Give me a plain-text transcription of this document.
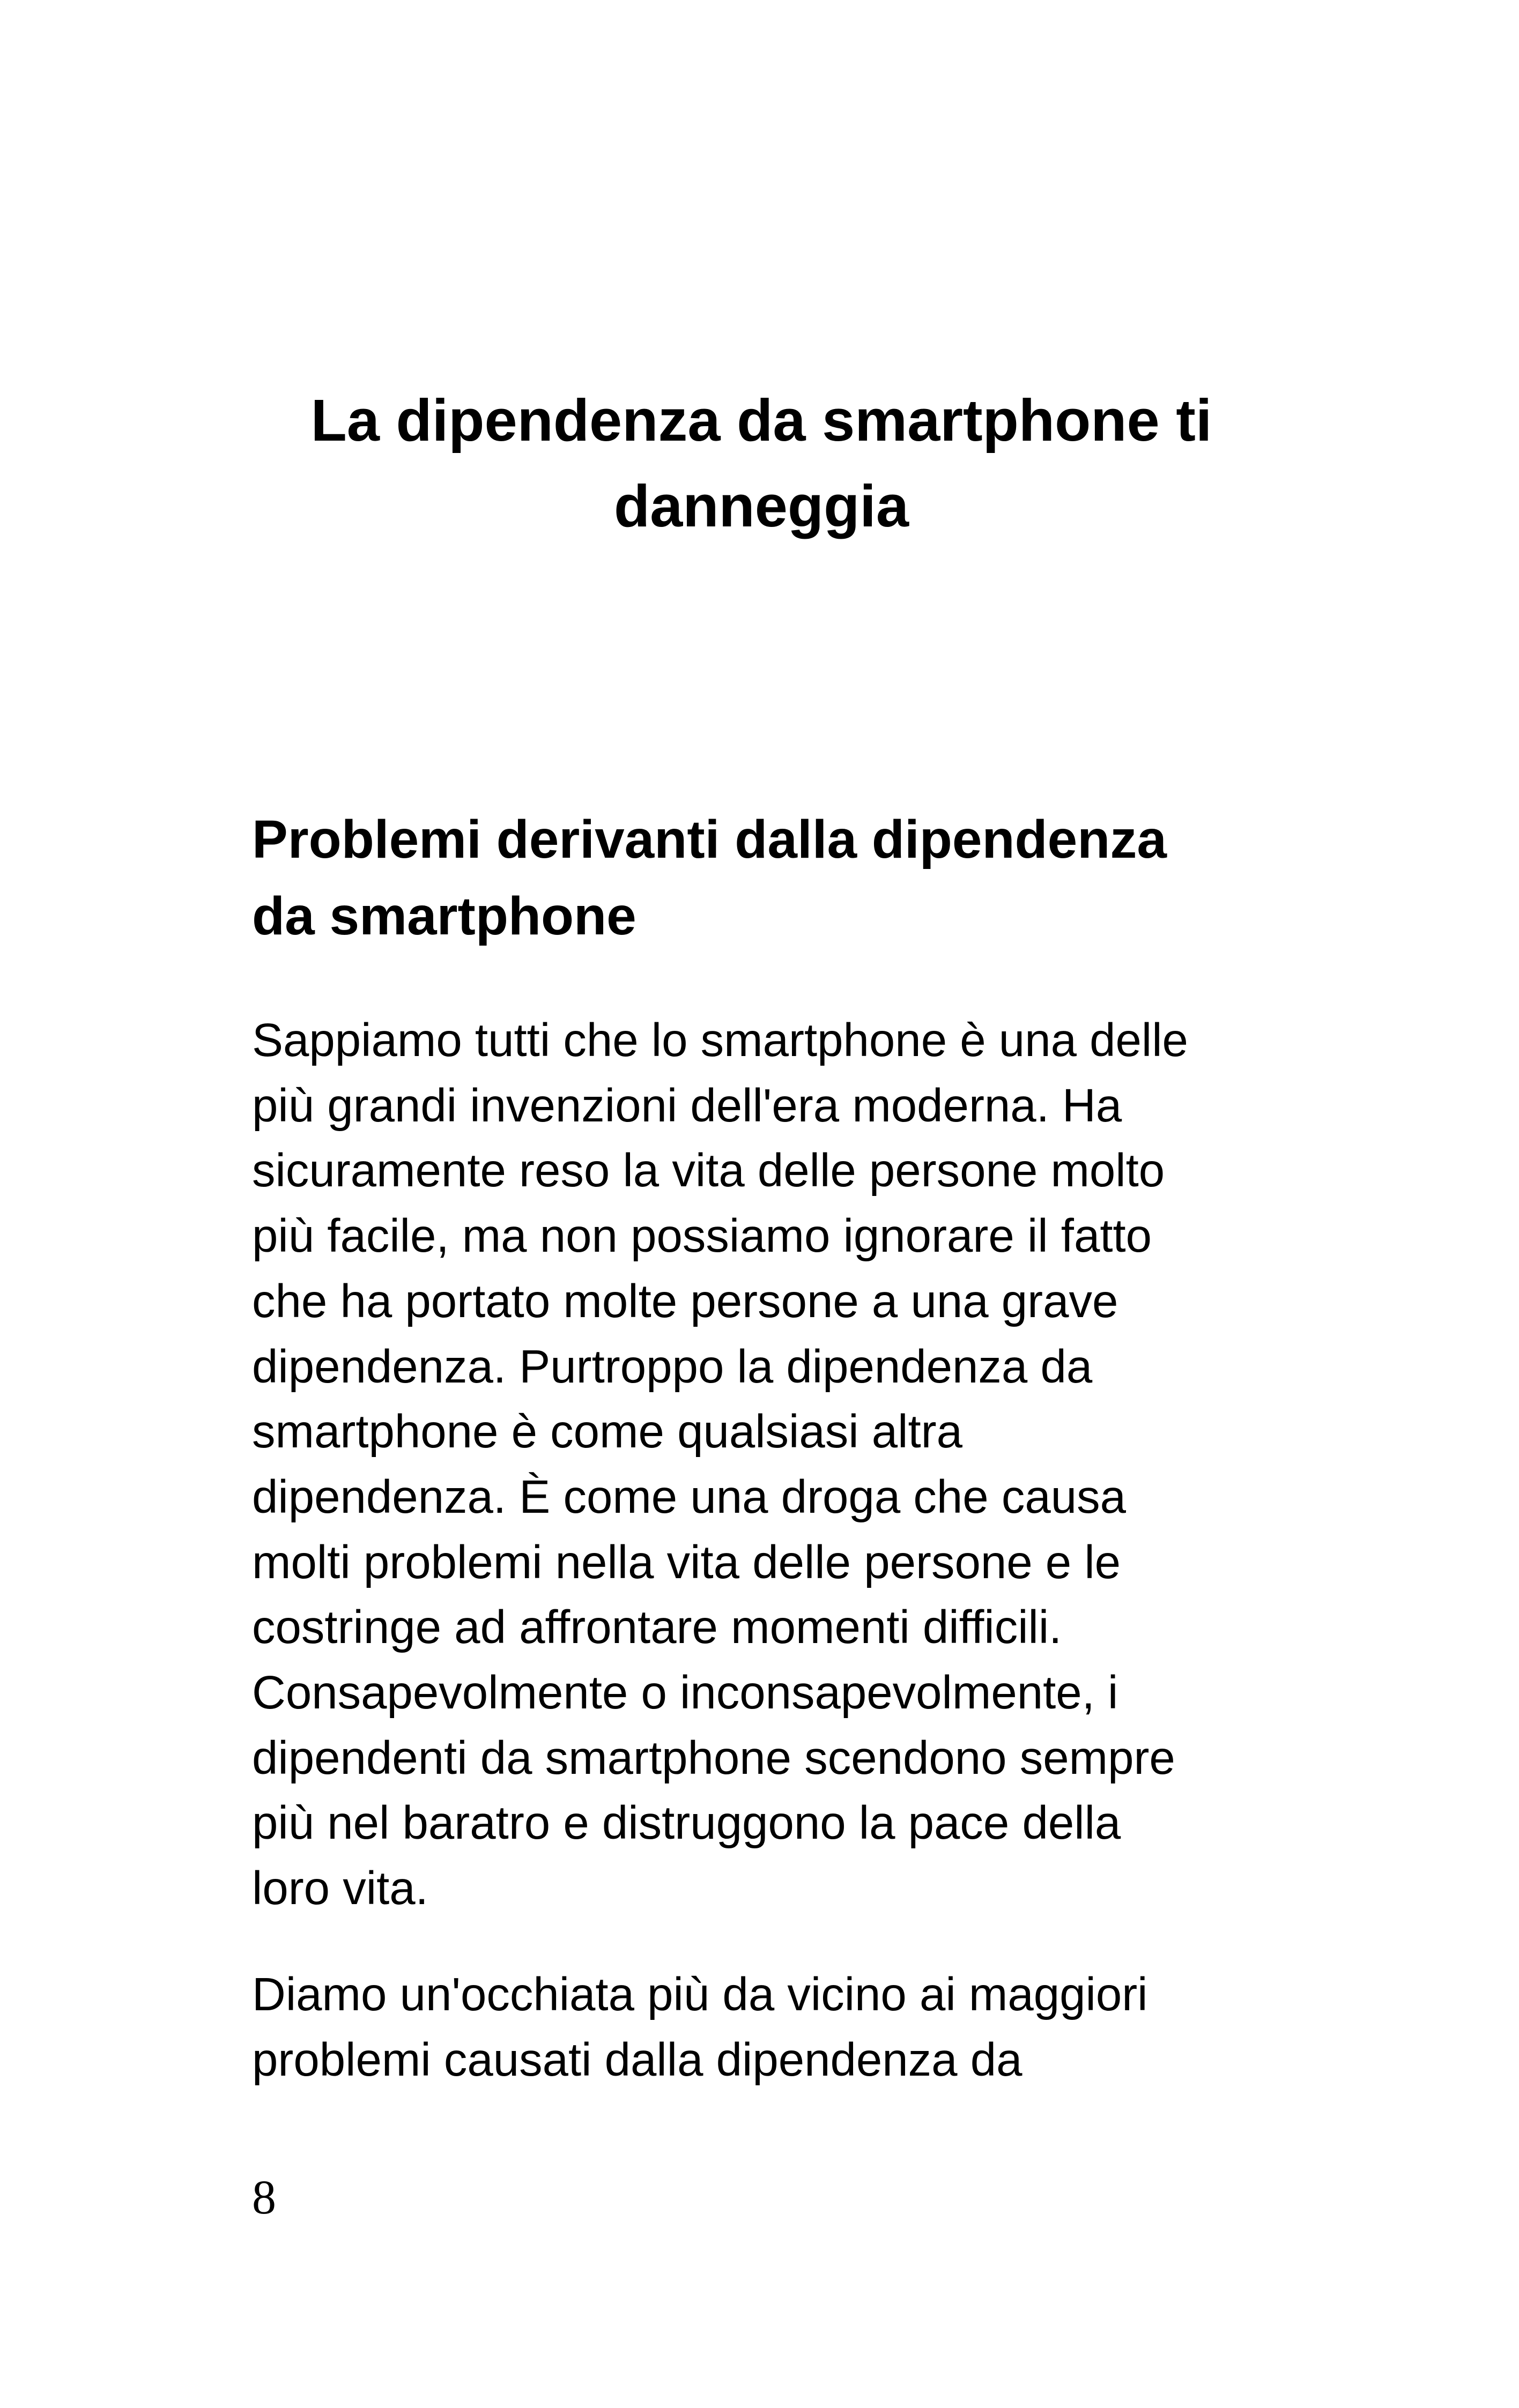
La dipendenza da smartphone ti
danneggia
Problemi derivanti dalla dipendenza
da smartphone

Sappiamo tutti che lo smartphone è una delle
più grandi invenzioni dell'era moderna. Ha
sicuramente reso la vita delle persone molto
più facile, ma non possiamo ignorare il fatto
che ha portato molte persone a una grave
dipendenza. Purtroppo la dipendenza da
smartphone è come qualsiasi altra
dipendenza. È come una droga che causa
molti problemi nella vita delle persone e le
costringe ad affrontare momenti difficili.
Consapevolmente o inconsapevolmente, i
dipendenti da smartphone scendono sempre
più nel baratro e distruggono la pace della
loro vita.

Diamo un'occhiata più da vicino ai maggiori
problemi causati dalla dipendenza da

8
